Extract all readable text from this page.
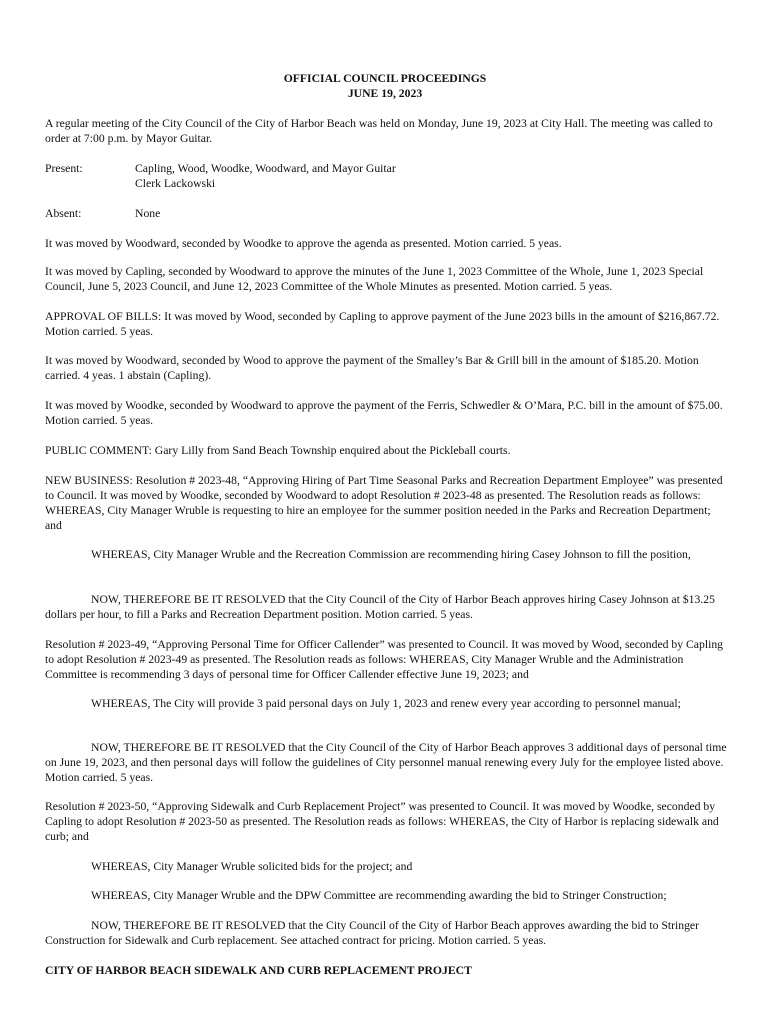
OFFICIAL COUNCIL PROCEEDINGS
JUNE 19, 2023

A regular meeting of the City Council of the City of Harbor Beach was held on Monday, June 19, 2023 at City Hall. The meeting was called to order at 7:00 p.m. by Mayor Guitar.

Present:	Capling, Wood, Woodke, Woodward, and Mayor Guitar
Clerk Lackowski
Absent:	None

It was moved by Woodward, seconded by Woodke to approve the agenda as presented. Motion carried. 5 yeas.

It was moved by Capling, seconded by Woodward to approve the minutes of the June 1, 2023 Committee of the Whole, June 1, 2023 Special Council, June 5, 2023 Council, and June 12, 2023 Committee of the Whole Minutes as presented. Motion carried. 5 yeas.

APPROVAL OF BILLS: It was moved by Wood, seconded by Capling to approve payment of the June 2023 bills in the amount of $216,867.72. Motion carried. 5 yeas.

It was moved by Woodward, seconded by Wood to approve the payment of the Smalley’s Bar & Grill bill in the amount of $185.20. Motion carried. 4 yeas. 1 abstain (Capling).

It was moved by Woodke, seconded by Woodward to approve the payment of the Ferris, Schwedler & O’Mara, P.C. bill in the amount of $75.00. Motion carried. 5 yeas.

PUBLIC COMMENT: Gary Lilly from Sand Beach Township enquired about the Pickleball courts.

NEW BUSINESS: Resolution # 2023-48, “Approving Hiring of Part Time Seasonal Parks and Recreation Department Employee” was presented to Council. It was moved by Woodke, seconded by Woodward to adopt Resolution # 2023-48 as presented. The Resolution reads as follows: WHEREAS, City Manager Wruble is requesting to hire an employee for the summer position needed in the Parks and Recreation Department; and

WHEREAS, City Manager Wruble and the Recreation Commission are recommending hiring Casey Johnson to fill the position,

NOW, THEREFORE BE IT RESOLVED that the City Council of the City of Harbor Beach approves hiring Casey Johnson at $13.25 dollars per hour, to fill a Parks and Recreation Department position. Motion carried. 5 yeas.

Resolution # 2023-49, “Approving Personal Time for Officer Callender” was presented to Council. It was moved by Wood, seconded by Capling to adopt Resolution # 2023-49 as presented. The Resolution reads as follows: WHEREAS, City Manager Wruble and the Administration Committee is recommending 3 days of personal time for Officer Callender effective June 19, 2023; and

WHEREAS, The City will provide 3 paid personal days on July 1, 2023 and renew every year according to personnel manual;

NOW, THEREFORE BE IT RESOLVED that the City Council of the City of Harbor Beach approves 3 additional days of personal time on June 19, 2023, and then personal days will follow the guidelines of City personnel manual renewing every July for the employee listed above. Motion carried. 5 yeas.

Resolution # 2023-50, “Approving Sidewalk and Curb Replacement Project” was presented to Council. It was moved by Woodke, seconded by Capling to adopt Resolution # 2023-50 as presented. The Resolution reads as follows: WHEREAS, the City of Harbor is replacing sidewalk and curb; and

WHEREAS, City Manager Wruble solicited bids for the project; and

WHEREAS, City Manager Wruble and the DPW Committee are recommending awarding the bid to Stringer Construction;

NOW, THEREFORE BE IT RESOLVED that the City Council of the City of Harbor Beach approves awarding the bid to Stringer Construction for Sidewalk and Curb replacement. See attached contract for pricing. Motion carried. 5 yeas.

CITY OF HARBOR BEACH SIDEWALK AND CURB REPLACEMENT PROJECT
